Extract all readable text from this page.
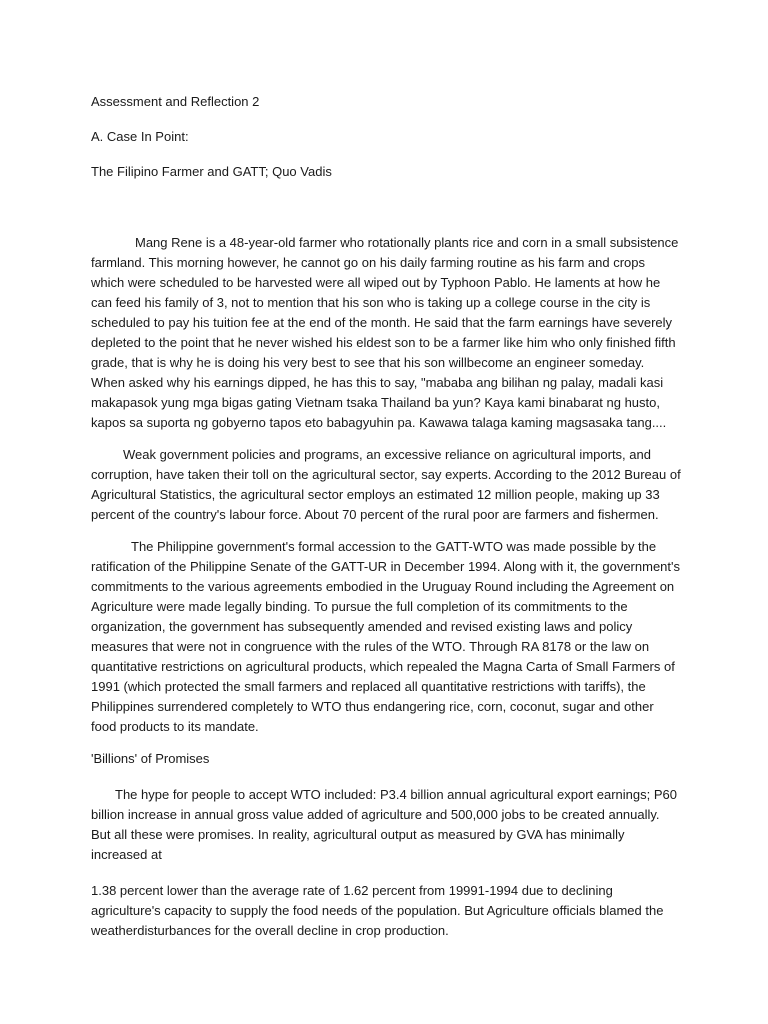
Assessment and Reflection 2

A. Case In Point:

The Filipino Farmer and GATT; Quo Vadis

Mang Rene is a 48-year-old farmer who rotationally plants rice and corn in a small subsistence farmland. This morning however, he cannot go on his daily farming routine as his farm and crops which were scheduled to be harvested were all wiped out by Typhoon Pablo. He laments at how he can feed his family of 3, not to mention that his son who is taking up a college course in the city is scheduled to pay his tuition fee at the end of the month. He said that the farm earnings have severely depleted to the point that he never wished his eldest son to be a farmer like him who only finished fifth grade, that is why he is doing his very best to see that his son willbecome an engineer someday. When asked why his earnings dipped, he has this to say, "mababa ang bilihan ng palay, madali kasi makapasok yung mga bigas gating Vietnam tsaka Thailand ba yun? Kaya kami binabarat ng husto, kapos sa suporta ng gobyerno tapos eto babagyuhin pa. Kawawa talaga kaming magsasaka tang....

Weak government policies and programs, an excessive reliance on agricultural imports, and corruption, have taken their toll on the agricultural sector, say experts. According to the 2012 Bureau of Agricultural Statistics, the agricultural sector employs an estimated 12 million people, making up 33 percent of the country's labour force. About 70 percent of the rural poor are farmers and fishermen.

The Philippine government's formal accession to the GATT-WTO was made possible by the ratification of the Philippine Senate of the GATT-UR in December 1994. Along with it, the government's commitments to the various agreements embodied in the Uruguay Round including the Agreement on Agriculture were made legally binding. To pursue the full completion of its commitments to the organization, the government has subsequently amended and revised existing laws and policy measures that were not in congruence with the rules of the WTO. Through RA 8178 or the law on quantitative restrictions on agricultural products, which repealed the Magna Carta of Small Farmers of 1991 (which protected the small farmers and replaced all quantitative restrictions with tariffs), the Philippines surrendered completely to WTO thus endangering rice, corn, coconut, sugar and other food products to its mandate.

'Billions' of Promises

The hype for people to accept WTO included: P3.4 billion annual agricultural export earnings; P60 billion increase in annual gross value added of agriculture and 500,000 jobs to be created annually. But all these were promises. In reality, agricultural output as measured by GVA has minimally increased at

1.38 percent lower than the average rate of 1.62 percent from 19991-1994 due to declining agriculture's capacity to supply the food needs of the population. But Agriculture officials blamed the weatherdisturbances for the overall decline in crop production.
